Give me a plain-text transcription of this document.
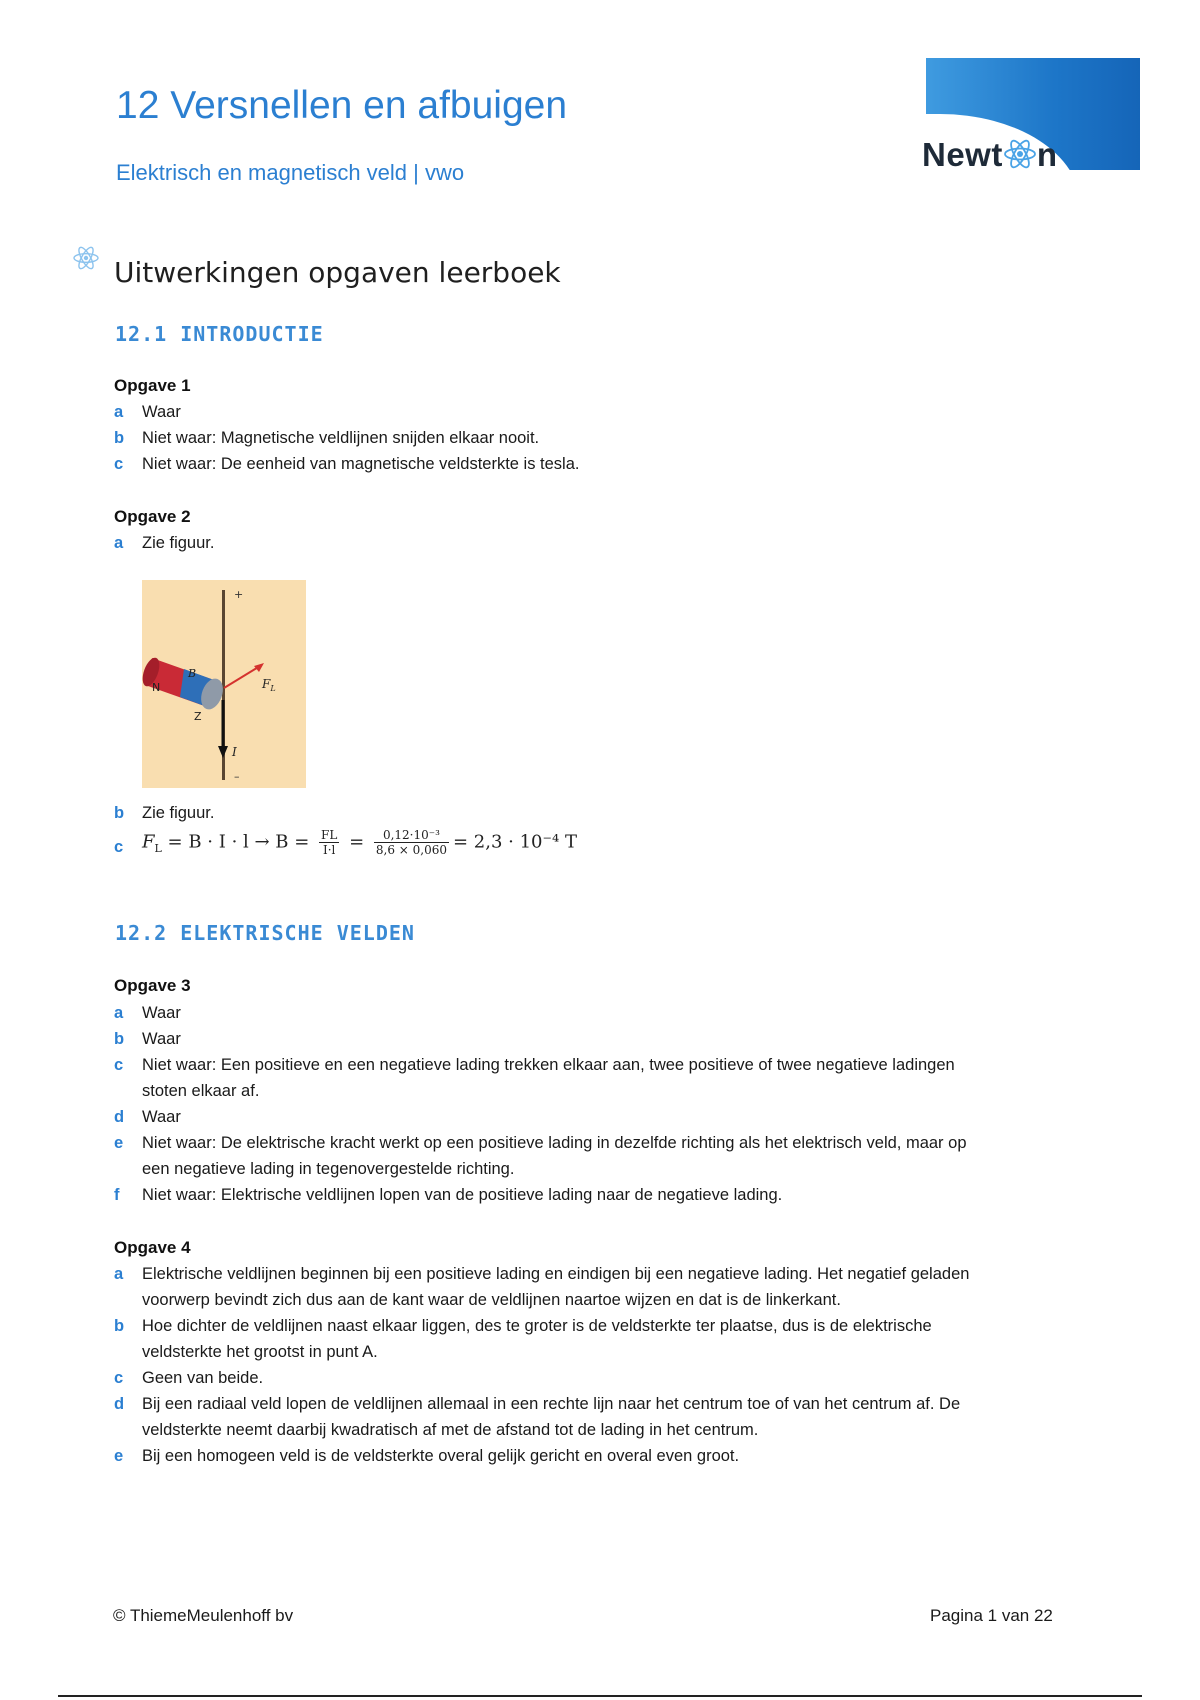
12 Versnellen en afbuigen
Elektrisch en magnetisch veld | vwo	Newt n
Uitwerkingen opgaven leerboek
12.1 INTRODUCTIE
Opgave 1
a	Waar
b	Niet waar: Magnetische veldlijnen snijden elkaar nooit.
c	Niet waar: De eenheid van magnetische veldsterkte is tesla.
Opgave 2
a	Zie figuur.
+
–
N
Z
B
$F_L$
I
b	Zie figuur.
c	$F_L = B \cdot I \cdot l \to B = \frac{FL}{I\cdot l} = \frac{\text{0,12·10⁻³}}{8,6 \times 0,060} = 2,3 \cdot 10^{-4}$ T
12.2 ELEKTRISCHE VELDEN
Opgave 3
a	Waar
b	Waar
c	Niet waar: Een positieve en een negatieve lading trekken elkaar aan, twee positieve of twee negatieve ladingen
stoten elkaar af.
d	Waar
e	Niet waar: De elektrische kracht werkt op een positieve lading in dezelfde richting als het elektrisch veld, maar op
een negatieve lading in tegenovergestelde richting.
f	Niet waar: Elektrische veldlijnen lopen van de positieve lading naar de negatieve lading.
Opgave 4
a	Elektrische veldlijnen beginnen bij een positieve lading en eindigen bij een negatieve lading. Het negatief geladen
voorwerp bevindt zich dus aan de kant waar de veldlijnen naartoe wijzen en dat is de linkerkant.
b	Hoe dichter de veldlijnen naast elkaar liggen, des te groter is de veldsterkte ter plaatse, dus is de elektrische
veldsterkte het grootst in punt A.
c	Geen van beide.
d	Bij een radiaal veld lopen de veldlijnen allemaal in een rechte lijn naar het centrum toe of van het centrum af. De
veldsterkte neemt daarbij kwadratisch af met de afstand tot de lading in het centrum.
e	Bij een homogeen veld is de veldsterkte overal gelijk gericht en overal even groot.
© ThiemeMeulenhoff bv	Pagina 1 van 22
